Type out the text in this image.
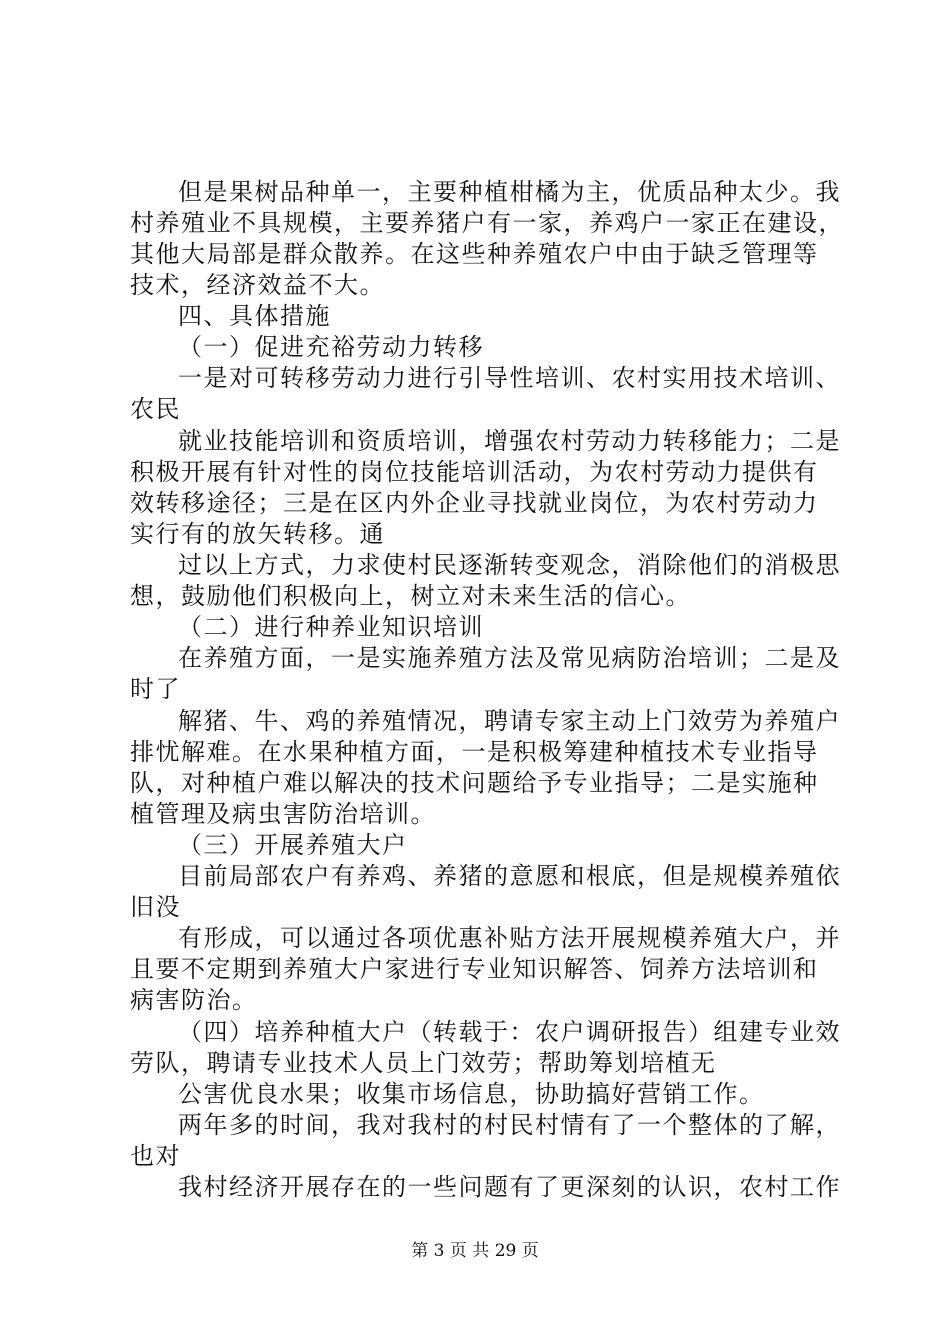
但是果树品种单一，主要种植柑橘为主，优质品种太少。我
村养殖业不具规模，主要养猪户有一家，养鸡户一家正在建设，
其他大局部是群众散养。在这些种养殖农户中由于缺乏管理等
技术，经济效益不大。
四、具体措施
（一）促进充裕劳动力转移
一是对可转移劳动力进行引导性培训、农村实用技术培训、
农民
就业技能培训和资质培训，增强农村劳动力转移能力；二是
积极开展有针对性的岗位技能培训活动，为农村劳动力提供有
效转移途径；三是在区内外企业寻找就业岗位，为农村劳动力
实行有的放矢转移。通
过以上方式，力求使村民逐渐转变观念，消除他们的消极思
想，鼓励他们积极向上，树立对未来生活的信心。
（二）进行种养业知识培训
在养殖方面，一是实施养殖方法及常见病防治培训；二是及
时了
解猪、牛、鸡的养殖情况，聘请专家主动上门效劳为养殖户
排忧解难。在水果种植方面，一是积极筹建种植技术专业指导
队，对种植户难以解决的技术问题给予专业指导；二是实施种
植管理及病虫害防治培训。
（三）开展养殖大户
目前局部农户有养鸡、养猪的意愿和根底，但是规模养殖依
旧没
有形成，可以通过各项优惠补贴方法开展规模养殖大户，并
且要不定期到养殖大户家进行专业知识解答、饲养方法培训和
病害防治。
（四）培养种植大户（转载于：农户调研报告）组建专业效
劳队，聘请专业技术人员上门效劳；帮助筹划培植无
公害优良水果；收集市场信息，协助搞好营销工作。
两年多的时间，我对我村的村民村情有了一个整体的了解，
也对
我村经济开展存在的一些问题有了更深刻的认识，农村工作
第 3 页 共 29 页
